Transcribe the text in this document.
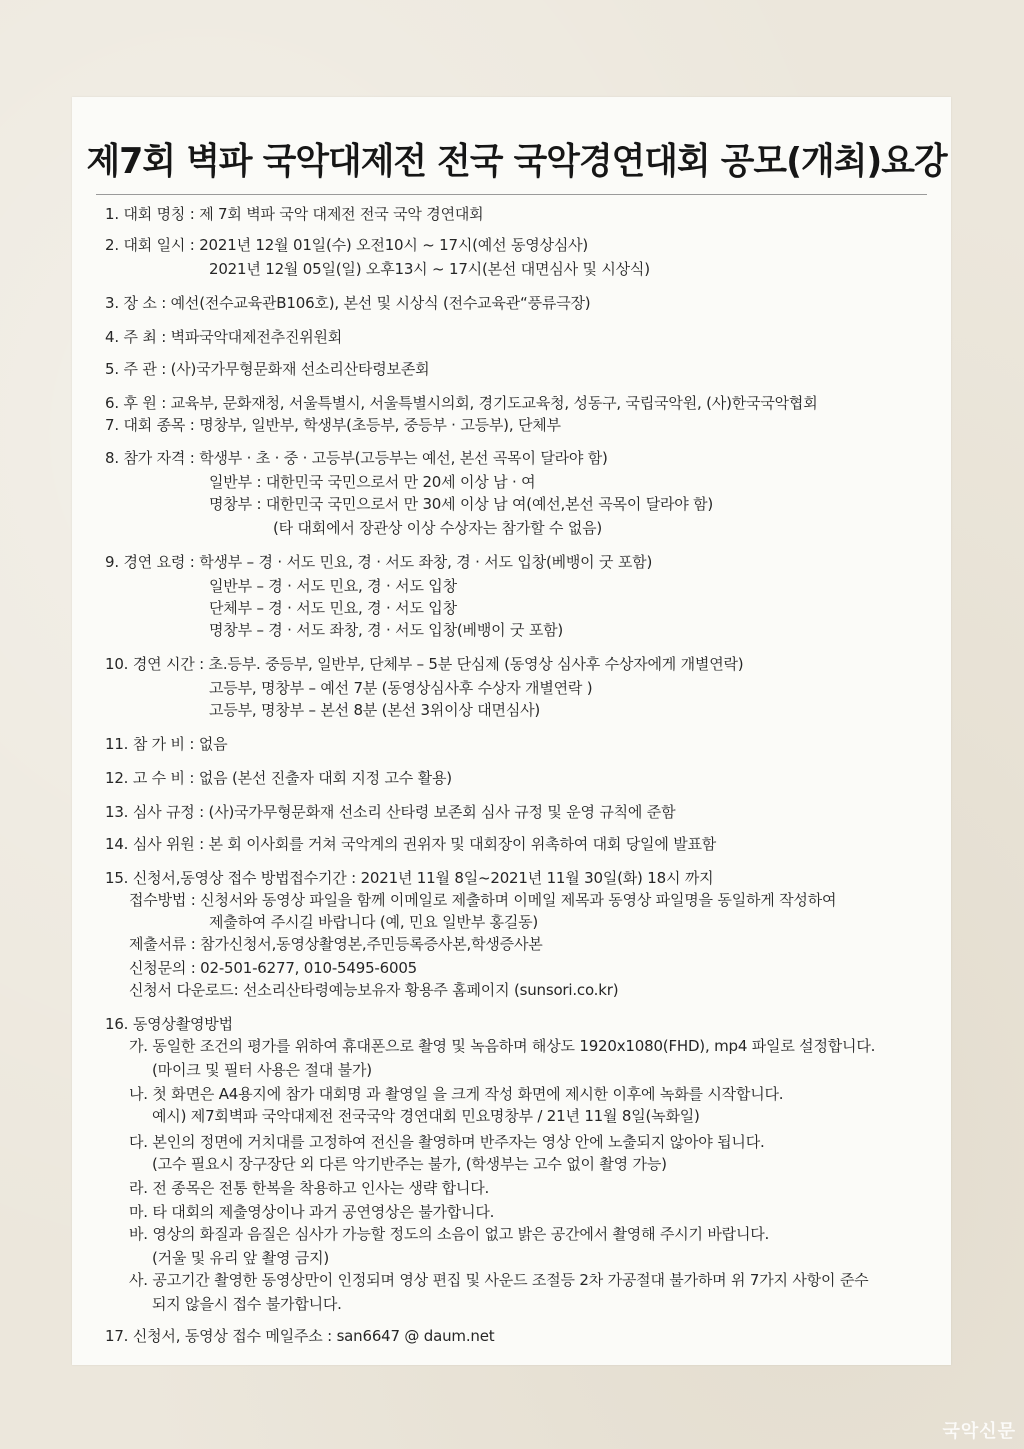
제7회 벽파 국악대제전 전국 국악경연대회 공모(개최)요강
1. 대회 명칭 : 제 7회 벽파 국악 대제전 전국 국악 경연대회
2. 대회 일시 : 2021년 12월 01일(수) 오전10시 ~ 17시(예선 동영상심사)
2021년 12월 05일(일) 오후13시 ~ 17시(본선 대면심사 및 시상식)
3. 장 소 : 예선(전수교육관B106호), 본선 및 시상식 (전수교육관“풍류극장)
4. 주 최 : 벽파국악대제전추진위원회
5. 주 관 : (사)국가무형문화재 선소리산타령보존회
6. 후 원 : 교육부, 문화재청, 서울특별시, 서울특별시의회, 경기도교육청, 성동구, 국립국악원, (사)한국국악협회
7. 대회 종목 : 명창부, 일반부, 학생부(초등부, 중등부 · 고등부), 단체부
8. 참가 자격 : 학생부 · 초 · 중 · 고등부(고등부는 예선, 본선 곡목이 달라야 함)
일반부 : 대한민국 국민으로서 만 20세 이상 남 · 여
명창부 : 대한민국 국민으로서 만 30세 이상 남 여(예선,본선 곡목이 달라야 함)
(타 대회에서 장관상 이상 수상자는 참가할 수 없음)
9. 경연 요령 : 학생부 – 경 · 서도 민요, 경 · 서도 좌창, 경 · 서도 입창(베뱅이 굿 포함)
일반부 – 경 · 서도 민요, 경 · 서도 입창
단체부 – 경 · 서도 민요, 경 · 서도 입창
명창부 – 경 · 서도 좌창, 경 · 서도 입창(베뱅이 굿 포함)
10. 경연 시간 : 초.등부. 중등부, 일반부, 단체부 – 5분 단심제 (동영상 심사후 수상자에게 개별연락)
고등부, 명창부 – 예선 7분 (동영상심사후 수상자 개별연락 )
고등부, 명창부 – 본선 8분 (본선 3위이상 대면심사)
11. 참 가 비 : 없음
12. 고 수 비 : 없음 (본선 진출자 대회 지정 고수 활용)
13. 심사 규정 : (사)국가무형문화재 선소리 산타령 보존회 심사 규정 및 운영 규칙에 준함
14. 심사 위원 : 본 회 이사회를 거쳐 국악계의 권위자 및 대회장이 위촉하여 대회 당일에 발표함
15. 신청서,동영상 접수 방법접수기간 : 2021년 11월 8일~2021년 11월 30일(화) 18시 까지
접수방법 : 신청서와 동영상 파일을 함께 이메일로 제출하며 이메일 제목과 동영상 파일명을 동일하게 작성하여
제출하여 주시길 바랍니다 (예, 민요 일반부 홍길동)
제출서류 : 참가신청서,동영상촬영본,주민등록증사본,학생증사본
신청문의 : 02-501-6277, 010-5495-6005
신청서 다운로드: 선소리산타령예능보유자 황용주 홈페이지 (sunsori.co.kr)
16. 동영상촬영방법
가. 동일한 조건의 평가를 위하여 휴대폰으로 촬영 및 녹음하며 해상도 1920x1080(FHD), mp4 파일로 설정합니다.
(마이크 및 필터 사용은 절대 불가)
나. 첫 화면은 A4용지에 참가 대회명 과 촬영일 을 크게 작성 화면에 제시한 이후에 녹화를 시작합니다.
예시) 제7회벽파 국악대제전 전국국악 경연대회 민요명창부 / 21년 11월 8일(녹화일)
다. 본인의 정면에 거치대를 고정하여 전신을 촬영하며 반주자는 영상 안에 노출되지 않아야 됩니다.
(고수 필요시 장구장단 외 다른 악기반주는 불가, (학생부는 고수 없이 촬영 가능)
라. 전 종목은 전통 한복을 착용하고 인사는 생략 합니다.
마. 타 대회의 제출영상이나 과거 공연영상은 불가합니다.
바. 영상의 화질과 음질은 심사가 가능할 정도의 소음이 없고 밝은 공간에서 촬영해 주시기 바랍니다.
(거울 및 유리 앞 촬영 금지)
사. 공고기간 촬영한 동영상만이 인정되며 영상 편집 및 사운드 조절등 2차 가공절대 불가하며 위 7가지 사항이 준수
되지 않을시 접수 불가합니다.
17. 신청서, 동영상 접수 메일주소 : san6647 @ daum.net
국악신문
